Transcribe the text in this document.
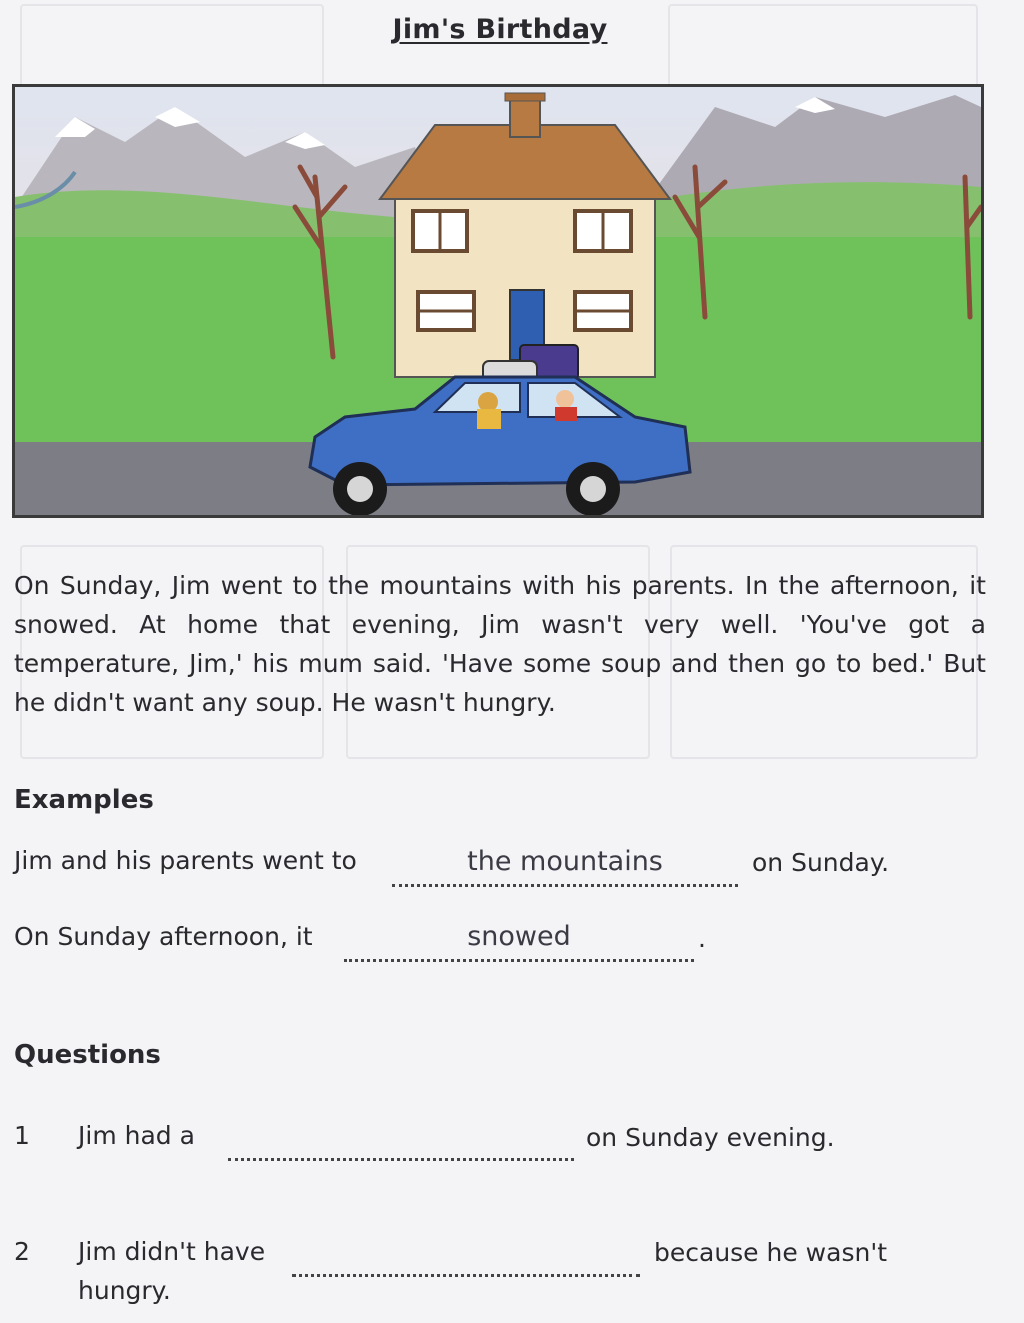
Jim's Birthday
On Sunday, Jim went to the mountains with his parents. In the afternoon, it snowed. At home that evening, Jim wasn't very well. 'You've got a temperature, Jim,' his mum said. 'Have some soup and then go to bed.' But he didn't want any soup. He wasn't hungry.
Examples
Jim and his parents went to	the mountains	on Sunday.
On Sunday afternoon, it	snowed	.
Questions
1 Jim had a	on Sunday evening.
2 Jim didn't have	because he wasn't
hungry.
